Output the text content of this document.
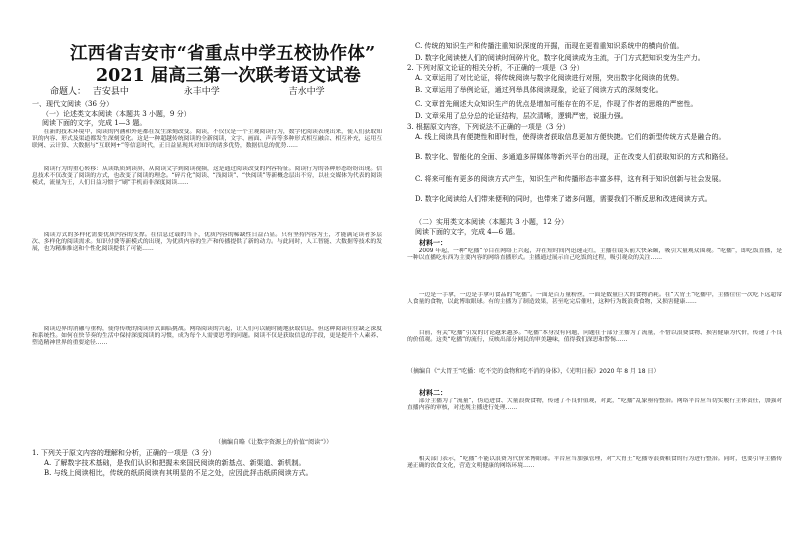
江西省吉安市“省重点中学五校协作体”
2021 届高三第一次联考语文试卷
命题人： 吉安县中	永丰中学	吉水中学
一、现代文阅读（36 分）
（一）论述类文本阅读（本题共 3 小题，9 分）
阅读下面的文字，完成 1—3 题。
　　在新的技术环境中，阅读的内涵和外延都在发生深刻改变。阅读，不仅仅是一个主观阅读行为，数字化阅读表现出来，使人们获取知识的内容、形式及渠道都发生深刻变化。这是一种超越传统阅读的全新阅读，文字、画面、声音等多种形式相互融合、相互补充，运用互联网、云计算、大数据与“互联网+”等信息时代，正日益显现其对知识的诸多优势，数据信息的优势……
　　阅读行为的重心转移：从读纸质到读屏，从阅读文字到阅读视频，这是通过阅读改变的内容特征。阅读行为的各种形态纷纷出现。信息技术不仅改变了阅读的方式，也改变了阅读的理念。“碎片化”阅读、“浅阅读”、“快阅读”等新概念层出不穷，以社交媒体为代表的阅读模式，流量为王，人们日益习惯于“刷”手机而非深度阅读……
　　阅读方式的多样化需要优质内容的支撑。在信息过载的当下，优质内容的稀缺性日益凸显。只有坚持内容为王，才能满足读者多层次、多样化的阅读需求。知识付费等新模式的出现，为优质内容的生产和传播提供了新的动力。与此同时，人工智能、大数据等技术的发展，也为精准推送和个性化阅读提供了可能……
　　阅读边界的消融与重构，使得传统的阅读形式面临挑战。网络阅读的兴起，让人们可以随时随地获取信息，但这种阅读往往缺乏深度和系统性。如何在快节奏的生活中保持深度阅读的习惯，成为每个人需要思考的问题。阅读不仅是获取信息的手段，更是提升个人素养、塑造精神世界的重要途径……
（摘编自略《让数字资源上的价值“阅读”》）
1. 下列关于原文内容的理解和分析，正确的一项是（3 分）
A. 了解数字技术基础，是我们认识和把握未来国民阅读的新基点、新渠道、新机制。
B. 与线上阅读相比，传统的纸质阅读有其明显的不足之处，应因此抨击纸质阅读方式。
C. 传统的知识生产和传播注重知识深度的开掘，而现在更看重知识系统中的横向价值。
D. 数字化阅读使人们的阅读时间碎片化，数字化阅读成为主流，于门方式把知识变为生产力。
2. 下列对原文论证的相关分析，不正确的一项是（3 分）
A. 文章运用了对比论证，将传统阅读与数字化阅读进行对照，突出数字化阅读的优势。
B. 文章运用了举例论证，通过列举具体阅读现象，论证了阅读方式的深刻变化。
C. 文章首先阐述大众知识生产的优点是增加可能存在的不足，作现了作者的思维的严密性。
D. 文章采用了总分总的论证结构，层次清晰，逻辑严密，说服力强。
3. 根据原文内容，下列说法不正确的一项是（3 分）
A. 线上阅读具有便捷性和即时性，使得读者获取信息更加方便快捷。它们的新型传统方式是融合的。
B. 数字化、智能化的全面、多通道多屏媒体等新兴平台的出现，正在改变人们获取知识的方式和路径。
C. 将来可能有更多的阅读方式产生，知识生产和传播形态丰富多样，这有利于知识创新与社会发展。
D. 数字化阅读给人们带来便利的同时，也带来了诸多问题，需要我们不断反思和改进阅读方式。
（二）实用类文本阅读（本题共 3 小题，12 分）
阅读下面的文字，完成 4—6 题。
材料一：
　　2009 年起，一种“吃播”节目在网络上兴起，并在短时间内迅速走红，主播在镜头前大快朵颐，吸引大量观众围观。“吃播”，即吃饭直播，是一种以直播吃东西为主要内容的网络直播形式。主播通过展示自己吃饭的过程，吸引观众的关注……
　　一边是一手拿，一边是手拿可食品的“吃播”。一面是百万量粉丝，一面是数量巨大的食物消耗。在“大胃王”吃播中，主播往往一次吃下远超常人食量的食物，以此博取眼球。有的主播为了制造效果，甚至吃完后催吐，这种行为既浪费食物，又损害健康……
　　目前，有关“吃播”引发的讨论越来越多。“吃播”本身没有问题，问题在于部分主播为了流量，不惜以浪费食物、损害健康为代价，传递了不良的价值观。这类“吃播”的流行，反映出部分网民的审美趣味，值得我们深思和警惕……
（摘编自《“大胃王”吃播：吃不完的食物和吃不消的身体》，《光明日报》2020 年 8 月 18 日）
材料二：
　　部分主播为了“流量”，伪造进食、大量浪费食物，传递了不良价值观，对此，“吃播”乱象亟待整治。网络平台应当切实履行主体责任，加强对直播内容的审核，对违规主播进行处理……
　　相关部门表示，“吃播”不能以浪费为代价来博眼球。平台应当加强管理，对“大胃王”吃播等浪费粮食的行为进行整治。同时，也要引导主播传递正确的饮食文化，营造文明健康的网络环境……
